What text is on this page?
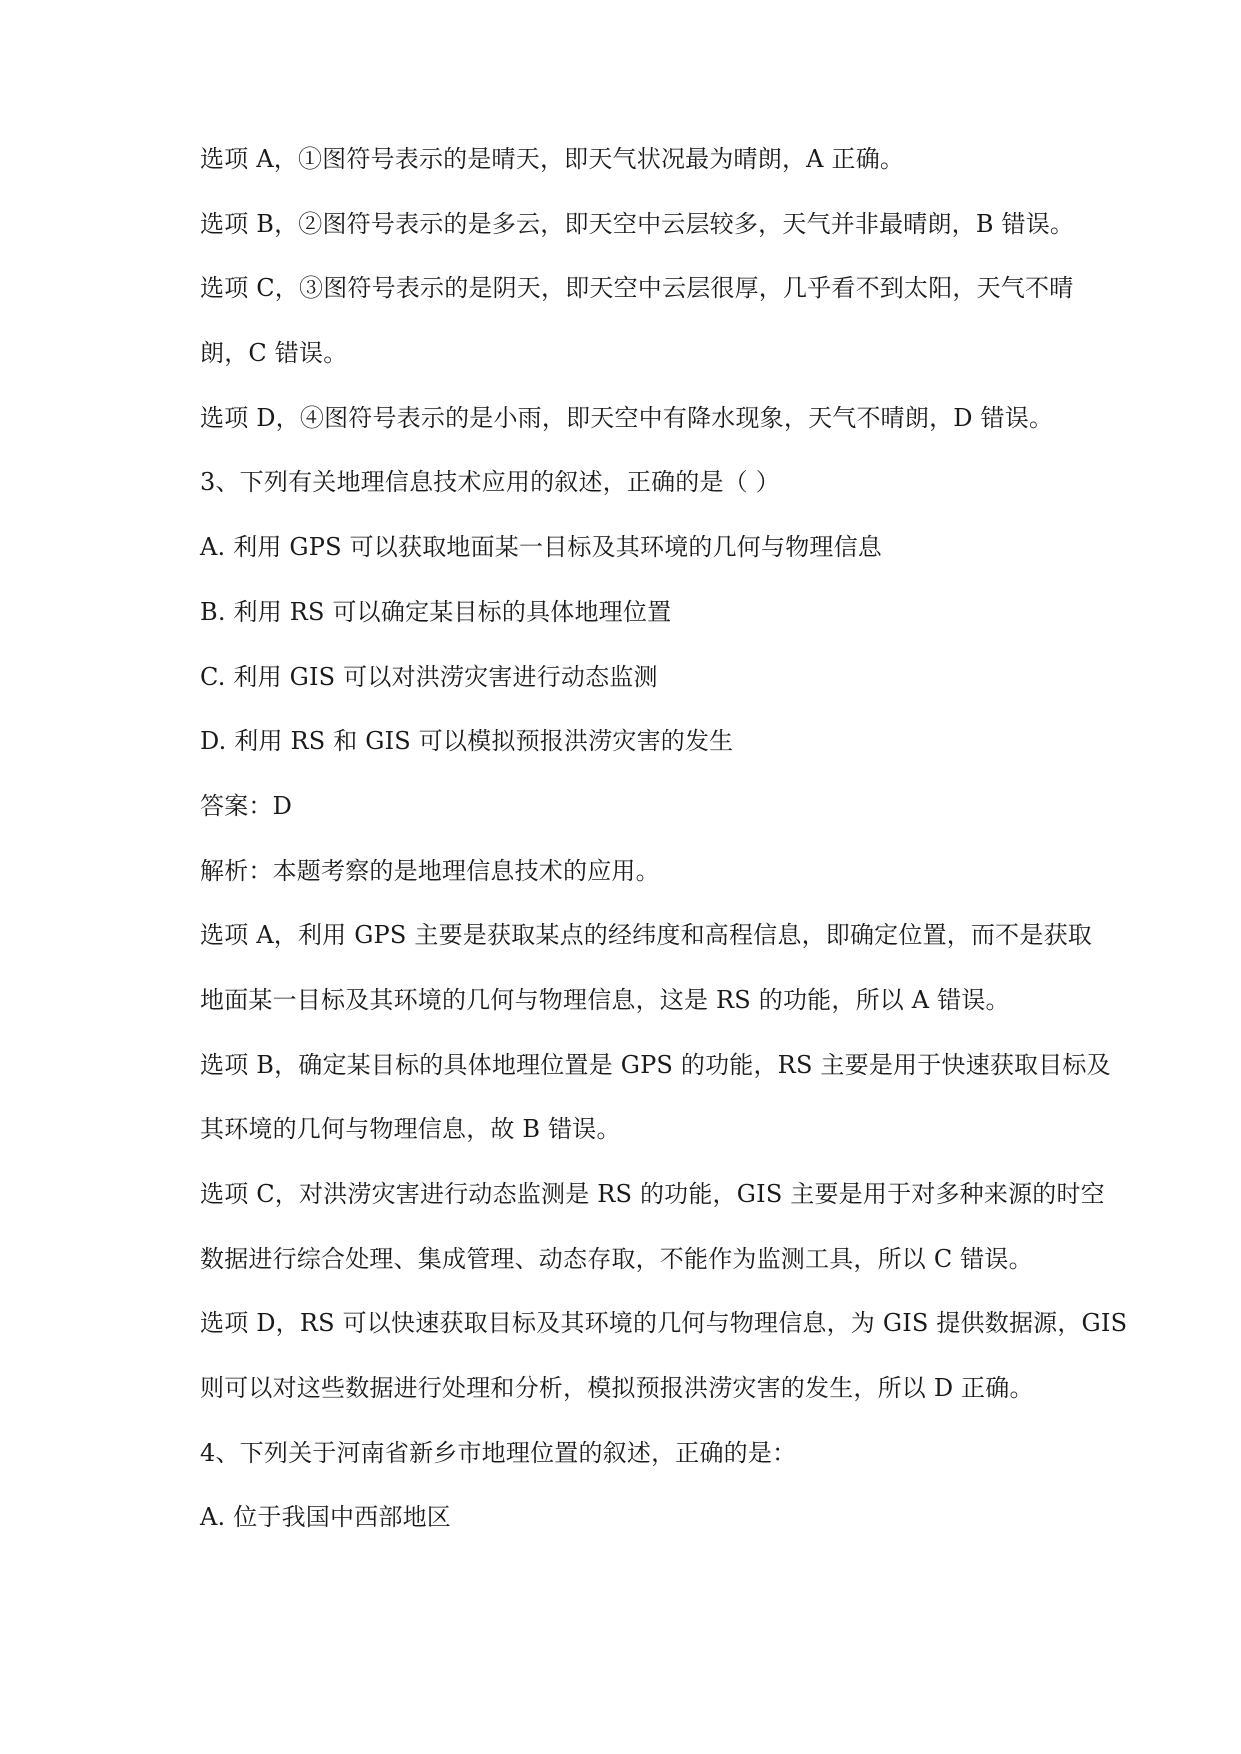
选项 A，①图符号表示的是晴天，即天气状况最为晴朗，A 正确。
选项 B，②图符号表示的是多云，即天空中云层较多，天气并非最晴朗，B 错误。
选项 C，③图符号表示的是阴天，即天空中云层很厚，几乎看不到太阳，天气不晴
朗，C 错误。
选项 D，④图符号表示的是小雨，即天空中有降水现象，天气不晴朗，D 错误。
3、下列有关地理信息技术应用的叙述，正确的是（ ）
A. 利用 GPS 可以获取地面某一目标及其环境的几何与物理信息
B. 利用 RS 可以确定某目标的具体地理位置
C. 利用 GIS 可以对洪涝灾害进行动态监测
D. 利用 RS 和 GIS 可以模拟预报洪涝灾害的发生
答案：D
解析：本题考察的是地理信息技术的应用。
选项 A，利用 GPS 主要是获取某点的经纬度和高程信息，即确定位置，而不是获取
地面某一目标及其环境的几何与物理信息，这是 RS 的功能，所以 A 错误。
选项 B，确定某目标的具体地理位置是 GPS 的功能，RS 主要是用于快速获取目标及
其环境的几何与物理信息，故 B 错误。
选项 C，对洪涝灾害进行动态监测是 RS 的功能，GIS 主要是用于对多种来源的时空
数据进行综合处理、集成管理、动态存取，不能作为监测工具，所以 C 错误。
选项 D，RS 可以快速获取目标及其环境的几何与物理信息，为 GIS 提供数据源，GIS
则可以对这些数据进行处理和分析，模拟预报洪涝灾害的发生，所以 D 正确。
4、下列关于河南省新乡市地理位置的叙述，正确的是：
A. 位于我国中西部地区
